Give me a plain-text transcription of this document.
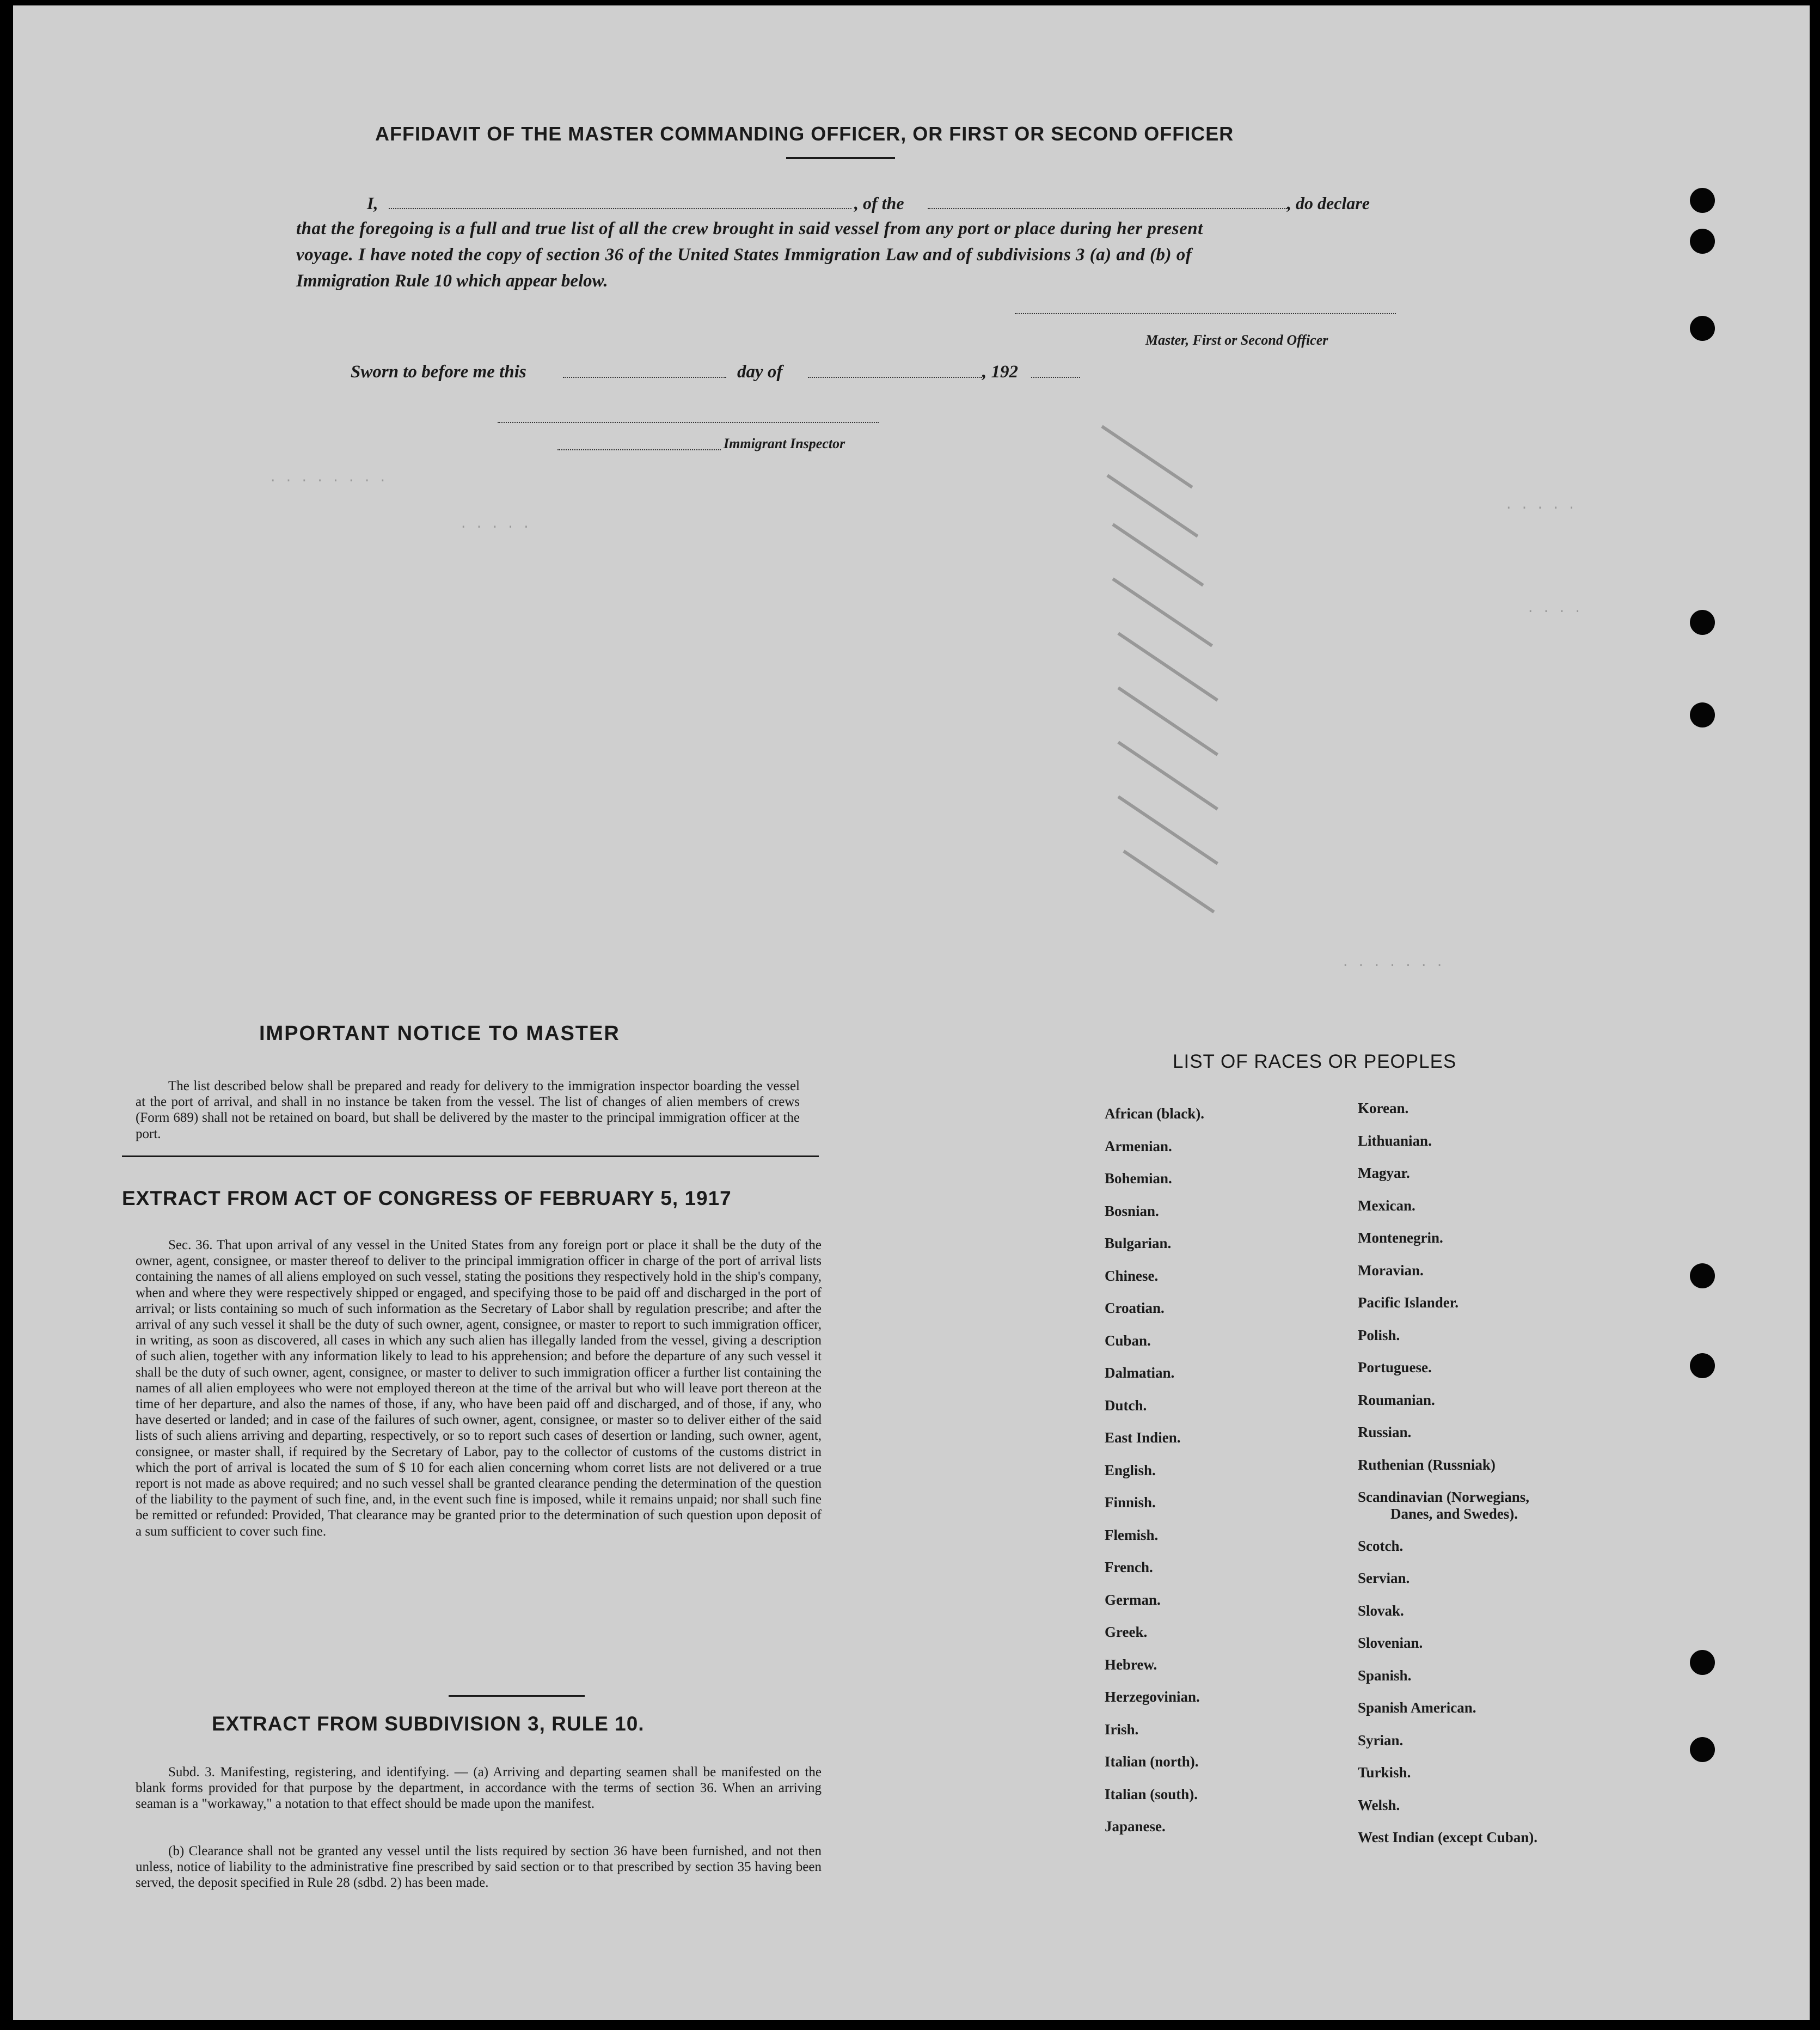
· · · · · · · ·
· · · · ·
· · · · ·
· · · ·
· · · · · · ·
AFFIDAVIT OF THE MASTER COMMANDING OFFICER, OR FIRST OR SECOND OFFICER
I,	, of the	, do declare
that the foregoing is a full and true list of all the crew brought in said vessel from any port or place during her present
voyage. I have noted the copy of section 36 of the United States Immigration Law and of subdivisions 3 (a) and (b) of
Immigration Rule 10 which appear below.
Master, First or Second Officer
Sworn to before me this	day of	, 192
Immigrant Inspector
IMPORTANT NOTICE TO MASTER
The list described below shall be prepared and ready for delivery to the immigration inspector boarding the vessel at the port of arrival, and shall in no instance be taken from the vessel. The list of changes of alien members of crews (Form 689) shall not be retained on board, but shall be delivered by the master to the principal immigration officer at the port.
EXTRACT FROM ACT OF CONGRESS OF FEBRUARY 5, 1917
Sec. 36. That upon arrival of any vessel in the United States from any foreign port or place it shall be the duty of the owner, agent, consignee, or master thereof to deliver to the principal immigration officer in charge of the port of arrival lists containing the names of all aliens employed on such vessel, stating the positions they respectively hold in the ship's company, when and where they were respectively shipped or engaged, and specifying those to be paid off and discharged in the port of arrival; or lists containing so much of such information as the Secretary of Labor shall by regulation prescribe; and after the arrival of any such vessel it shall be the duty of such owner, agent, consignee, or master to report to such immigration officer, in writing, as soon as discovered, all cases in which any such alien has illegally landed from the vessel, giving a description of such alien, together with any information likely to lead to his apprehension; and before the departure of any such vessel it shall be the duty of such owner, agent, consignee, or master to deliver to such immigration officer a further list containing the names of all alien employees who were not employed thereon at the time of the arrival but who will leave port thereon at the time of her departure, and also the names of those, if any, who have been paid off and discharged, and of those, if any, who have deserted or landed; and in case of the failures of such owner, agent, consignee, or master so to deliver either of the said lists of such aliens arriving and departing, respectively, or so to report such cases of desertion or landing, such owner, agent, consignee, or master shall, if required by the Secretary of Labor, pay to the collector of customs of the customs district in which the port of arrival is located the sum of $ 10 for each alien concerning whom corret lists are not delivered or a true report is not made as above required; and no such vessel shall be granted clearance pending the determination of the question of the liability to the payment of such fine, and, in the event such fine is imposed, while it remains unpaid; nor shall such fine be remitted or refunded: Provided, That clearance may be granted prior to the determination of such question upon deposit of a sum sufficient to cover such fine.
EXTRACT FROM SUBDIVISION 3, RULE 10.
Subd. 3. Manifesting, registering, and identifying. — (a) Arriving and departing seamen shall be manifested on the blank forms provided for that purpose by the department, in accordance with the terms of section 36. When an arriving seaman is a "workaway," a notation to that effect should be made upon the manifest.
(b) Clearance shall not be granted any vessel until the lists required by section 36 have been furnished, and not then unless, notice of liability to the administrative fine prescribed by said section or to that prescribed by section 35 having been served, the deposit specified in Rule 28 (sdbd. 2) has been made.
LIST OF RACES OR PEOPLES
African (black).
Armenian.
Bohemian.
Bosnian.
Bulgarian.
Chinese.
Croatian.
Cuban.
Dalmatian.
Dutch.
East Indien.
English.
Finnish.
Flemish.
French.
German.
Greek.
Hebrew.
Herzegovinian.
Irish.
Italian (north).
Italian (south).
Japanese.
Korean.
Lithuanian.
Magyar.
Mexican.
Montenegrin.
Moravian.
Pacific Islander.
Polish.
Portuguese.
Roumanian.
Russian.
Ruthenian (Russniak)
Scandinavian (Norwegians,
Danes, and Swedes).
Scotch.
Servian.
Slovak.
Slovenian.
Spanish.
Spanish American.
Syrian.
Turkish.
Welsh.
West Indian (except Cuban).
